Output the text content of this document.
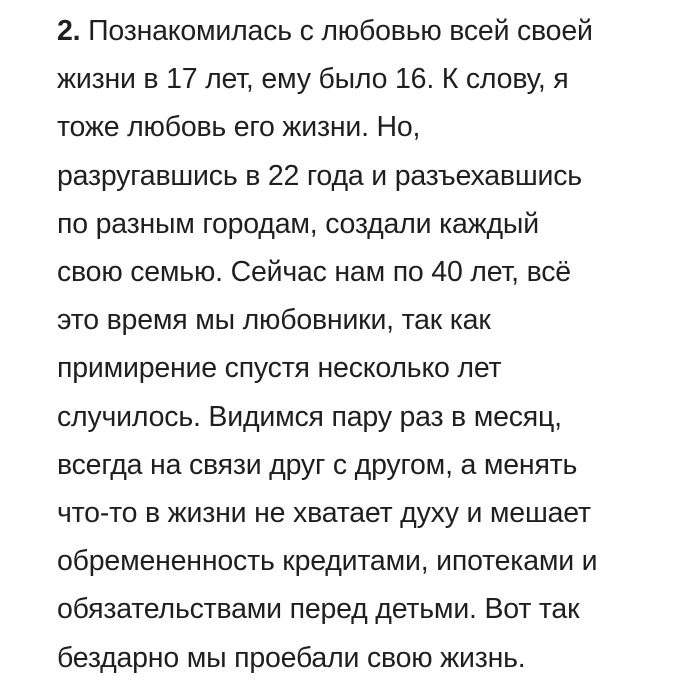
2. Познакомилась с любовью всей своей
жизни в 17 лет, ему было 16. К слову, я
тоже любовь его жизни. Но,
разругавшись в 22 года и разъехавшись
по разным городам, создали каждый
свою семью. Сейчас нам по 40 лет, всё
это время мы любовники, так как
примирение спустя несколько лет
случилось. Видимся пару раз в месяц,
всегда на связи друг с другом, а менять
что-то в жизни не хватает духу и мешает
обремененность кредитами, ипотеками и
обязательствами перед детьми. Вот так
бездарно мы проебали свою жизнь.
